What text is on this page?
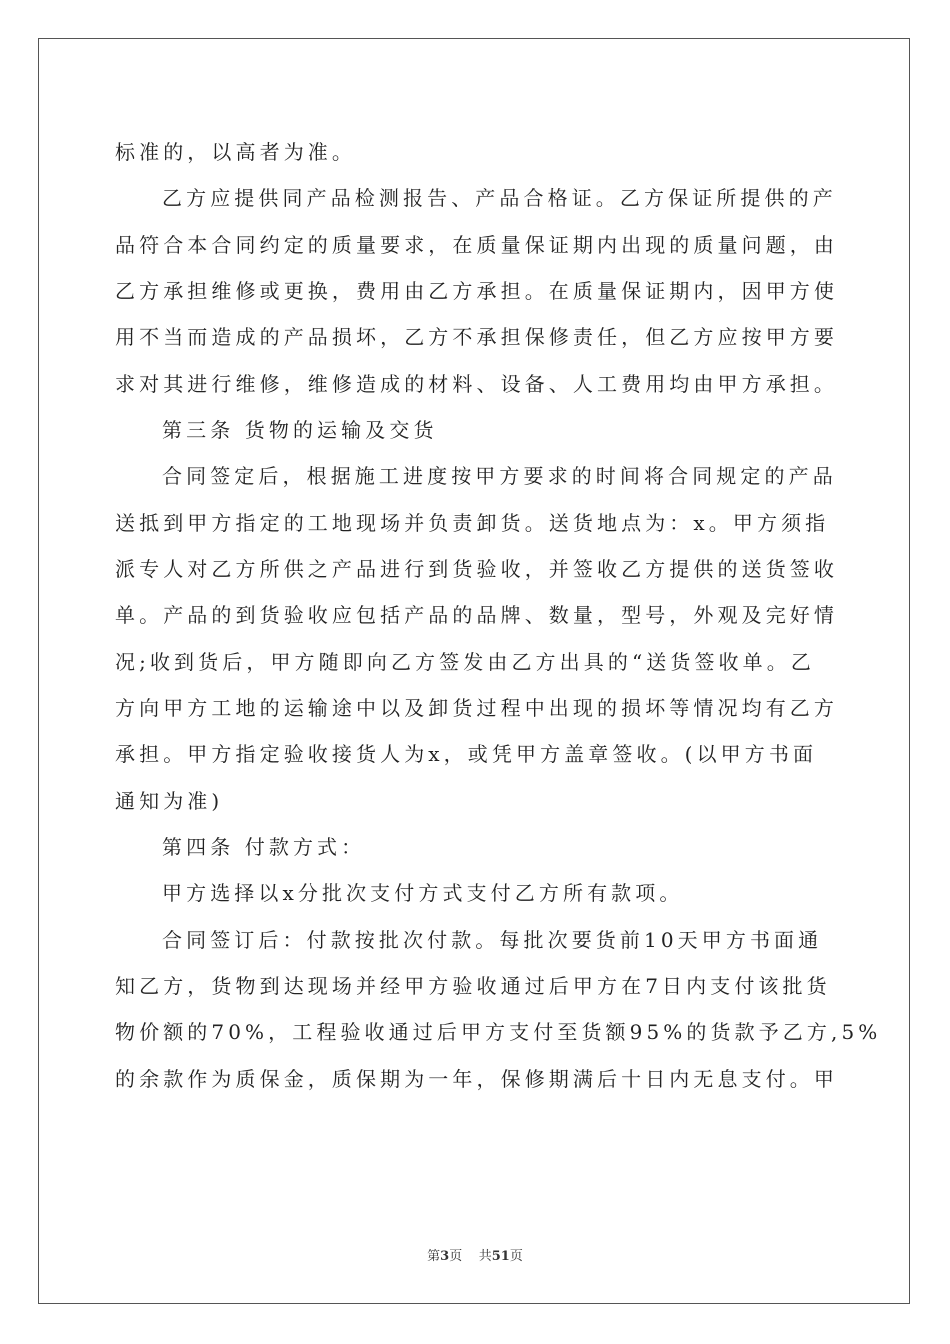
标准的，以高者为准。
乙方应提供同产品检测报告、产品合格证。乙方保证所提供的产
品符合本合同约定的质量要求，在质量保证期内出现的质量问题，由
乙方承担维修或更换，费用由乙方承担。在质量保证期内，因甲方使
用不当而造成的产品损坏，乙方不承担保修责任，但乙方应按甲方要
求对其进行维修，维修造成的材料、设备、人工费用均由甲方承担。
第三条 货物的运输及交货
合同签定后，根据施工进度按甲方要求的时间将合同规定的产品
送抵到甲方指定的工地现场并负责卸货。送货地点为：x。甲方须指
派专人对乙方所供之产品进行到货验收，并签收乙方提供的送货签收
单。产品的到货验收应包括产品的品牌、数量，型号，外观及完好情
况;收到货后，甲方随即向乙方签发由乙方出具的“送货签收单。乙
方向甲方工地的运输途中以及卸货过程中出现的损坏等情况均有乙方
承担。甲方指定验收接货人为x，或凭甲方盖章签收。(以甲方书面
通知为准)
第四条 付款方式：
甲方选择以x分批次支付方式支付乙方所有款项。
合同签订后：付款按批次付款。每批次要货前10天甲方书面通
知乙方，货物到达现场并经甲方验收通过后甲方在7日内支付该批货
物价额的70%，工程验收通过后甲方支付至货额95%的货款予乙方,5%
的余款作为质保金，质保期为一年，保修期满后十日内无息支付。甲
第3页 共51页
